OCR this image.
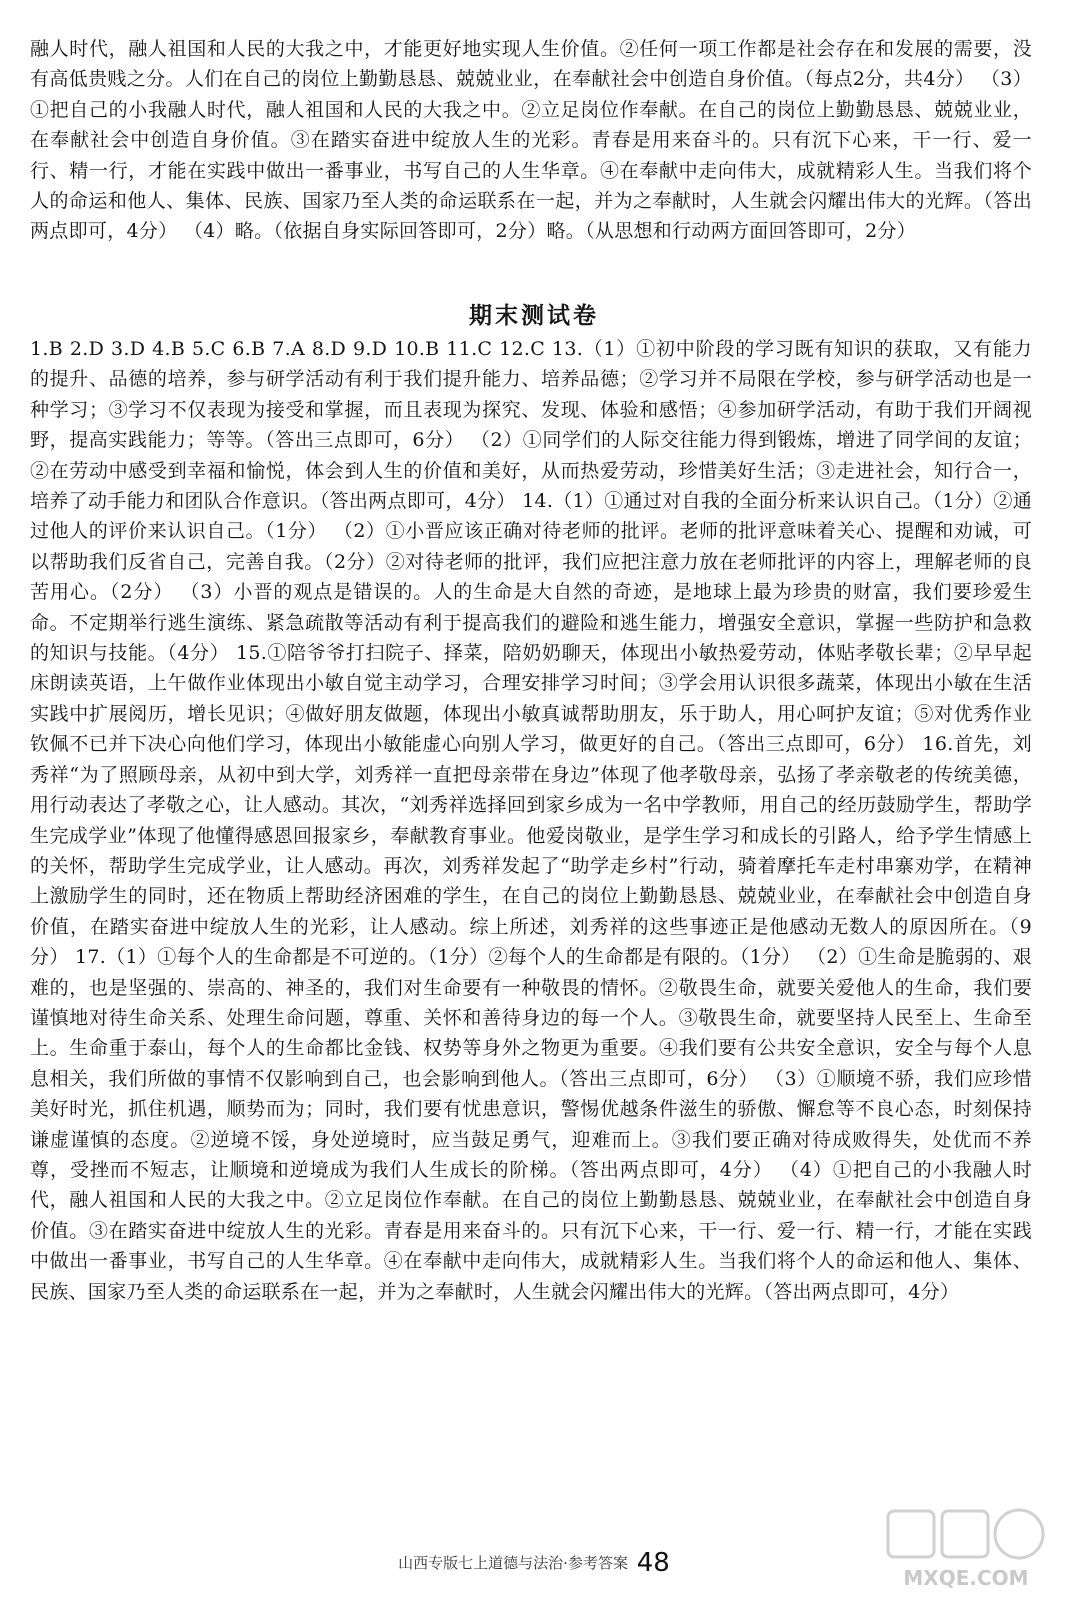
融人时代，融人祖国和人民的大我之中，才能更好地实现人生价值。②任何一项工作都是社会存在和发展的需要，没有高低贵贱之分。人们在自己的岗位上勤勤恳恳、兢兢业业，在奉献社会中创造自身价值。（每点2分，共4分） （3）①把自己的小我融人时代，融人祖国和人民的大我之中。②立足岗位作奉献。在自己的岗位上勤勤恳恳、兢兢业业，在奉献社会中创造自身价值。③在踏实奋进中绽放人生的光彩。青春是用来奋斗的。只有沉下心来，干一行、爱一行、精一行，才能在实践中做出一番事业，书写自己的人生华章。④在奉献中走向伟大，成就精彩人生。当我们将个人的命运和他人、集体、民族、国家乃至人类的命运联系在一起，并为之奉献时，人生就会闪耀出伟大的光辉。（答出两点即可，4分） （4）略。（依据自身实际回答即可，2分）略。（从思想和行动两方面回答即可，2分）
期末测试卷
1.B 2.D 3.D 4.B 5.C 6.B 7.A 8.D 9.D 10.B 11.C 12.C 13.（1）①初中阶段的学习既有知识的获取，又有能力的提升、品德的培养，参与研学活动有利于我们提升能力、培养品德；②学习并不局限在学校，参与研学活动也是一种学习；③学习不仅表现为接受和掌握，而且表现为探究、发现、体验和感悟；④参加研学活动，有助于我们开阔视野，提高实践能力；等等。（答出三点即可，6分） （2）①同学们的人际交往能力得到锻炼，增进了同学间的友谊；②在劳动中感受到幸福和愉悦，体会到人生的价值和美好，从而热爱劳动，珍惜美好生活；③走进社会，知行合一，培养了动手能力和团队合作意识。（答出两点即可，4分） 14.（1）①通过对自我的全面分析来认识自己。（1分）②通过他人的评价来认识自己。（1分） （2）①小晋应该正确对待老师的批评。老师的批评意味着关心、提醒和劝诫，可以帮助我们反省自己，完善自我。（2分）②对待老师的批评，我们应把注意力放在老师批评的内容上，理解老师的良苦用心。（2分） （3）小晋的观点是错误的。人的生命是大自然的奇迹，是地球上最为珍贵的财富，我们要珍爱生命。不定期举行逃生演练、紧急疏散等活动有利于提高我们的避险和逃生能力，增强安全意识，掌握一些防护和急救的知识与技能。（4分） 15.①陪爷爷打扫院子、择菜，陪奶奶聊天，体现出小敏热爱劳动，体贴孝敬长辈；②早早起床朗读英语，上午做作业体现出小敏自觉主动学习，合理安排学习时间；③学会用认识很多蔬菜，体现出小敏在生活实践中扩展阅历，增长见识；④做好朋友做题，体现出小敏真诚帮助朋友，乐于助人，用心呵护友谊；⑤对优秀作业钦佩不已并下决心向他们学习，体现出小敏能虚心向别人学习，做更好的自己。（答出三点即可，6分） 16.首先，刘秀祥“为了照顾母亲，从初中到大学，刘秀祥一直把母亲带在身边”体现了他孝敬母亲，弘扬了孝亲敬老的传统美德，用行动表达了孝敬之心，让人感动。其次，“刘秀祥选择回到家乡成为一名中学教师，用自己的经历鼓励学生，帮助学生完成学业”体现了他懂得感恩回报家乡，奉献教育事业。他爱岗敬业，是学生学习和成长的引路人，给予学生情感上的关怀，帮助学生完成学业，让人感动。再次，刘秀祥发起了“助学走乡村”行动，骑着摩托车走村串寨劝学，在精神上激励学生的同时，还在物质上帮助经济困难的学生，在自己的岗位上勤勤恳恳、兢兢业业，在奉献社会中创造自身价值，在踏实奋进中绽放人生的光彩，让人感动。综上所述，刘秀祥的这些事迹正是他感动无数人的原因所在。（9分） 17.（1）①每个人的生命都是不可逆的。（1分）②每个人的生命都是有限的。（1分） （2）①生命是脆弱的、艰难的，也是坚强的、崇高的、神圣的，我们对生命要有一种敬畏的情怀。②敬畏生命，就要关爱他人的生命，我们要谨慎地对待生命关系、处理生命问题，尊重、关怀和善待身边的每一个人。③敬畏生命，就要坚持人民至上、生命至上。生命重于泰山，每个人的生命都比金钱、权势等身外之物更为重要。④我们要有公共安全意识，安全与每个人息息相关，我们所做的事情不仅影响到自己，也会影响到他人。（答出三点即可，6分） （3）①顺境不骄，我们应珍惜美好时光，抓住机遇，顺势而为；同时，我们要有忧患意识，警惕优越条件滋生的骄傲、懈怠等不良心态，时刻保持谦虚谨慎的态度。②逆境不馁，身处逆境时，应当鼓足勇气，迎难而上。③我们要正确对待成败得失，处优而不养尊，受挫而不短志，让顺境和逆境成为我们人生成长的阶梯。（答出两点即可，4分） （4）①把自己的小我融人时代，融人祖国和人民的大我之中。②立足岗位作奉献。在自己的岗位上勤勤恳恳、兢兢业业，在奉献社会中创造自身价值。③在踏实奋进中绽放人生的光彩。青春是用来奋斗的。只有沉下心来，干一行、爱一行、精一行，才能在实践中做出一番事业，书写自己的人生华章。④在奉献中走向伟大，成就精彩人生。当我们将个人的命运和他人、集体、民族、国家乃至人类的命运联系在一起，并为之奉献时，人生就会闪耀出伟大的光辉。（答出两点即可，4分）
山西专版七上道德与法治·参考答案 48	MXQE.COM
